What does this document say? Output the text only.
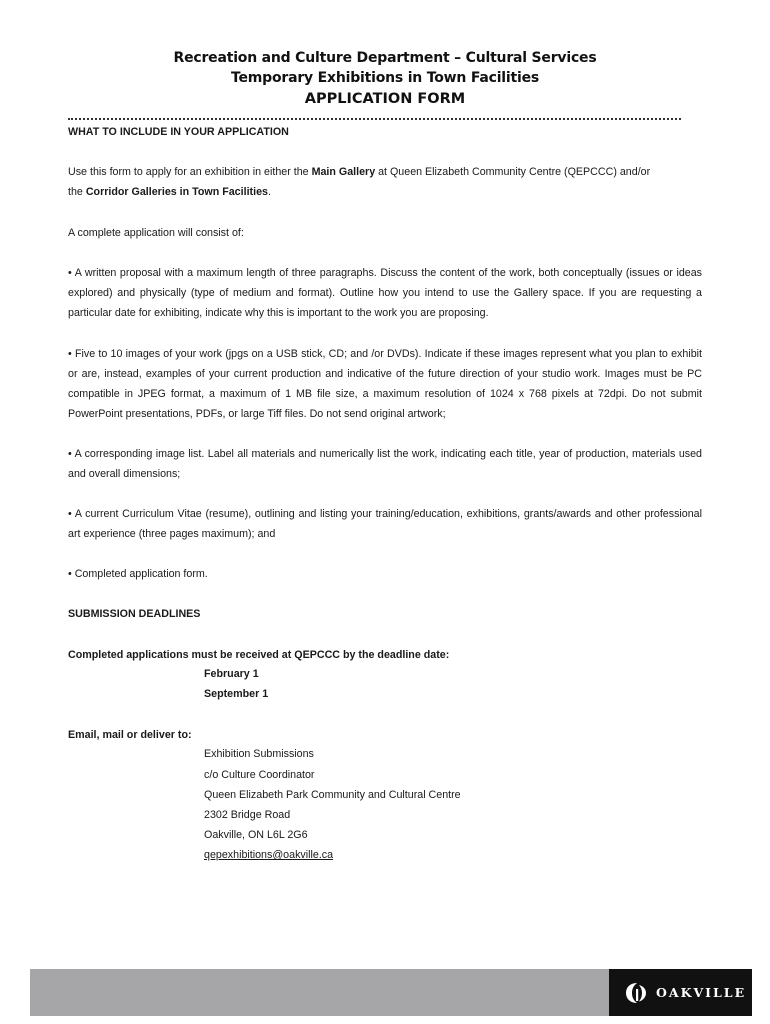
Recreation and Culture Department – Cultural Services
Temporary Exhibitions in Town Facilities
APPLICATION FORM
WHAT TO INCLUDE IN YOUR APPLICATION
Use this form to apply for an exhibition in either the Main Gallery at Queen Elizabeth Community Centre (QEPCCC) and/or
the Corridor Galleries in Town Facilities.
A complete application will consist of:
• A written proposal with a maximum length of three paragraphs. Discuss the content of the work, both conceptually (issues or ideas explored) and physically (type of medium and format). Outline how you intend to use the Gallery space. If you are requesting a particular date for exhibiting, indicate why this is important to the work you are proposing.
• Five to 10 images of your work (jpgs on a USB stick, CD; and /or DVDs). Indicate if these images represent what you plan to exhibit or are, instead, examples of your current production and indicative of the future direction of your studio work. Images must be PC compatible in JPEG format, a maximum of 1 MB file size, a maximum resolution of 1024 x 768 pixels at 72dpi. Do not submit PowerPoint presentations, PDFs, or large Tiff files. Do not send original artwork;
• A corresponding image list. Label all materials and numerically list the work, indicating each title, year of production, materials used and overall dimensions;
• A current Curriculum Vitae (resume), outlining and listing your training/education, exhibitions, grants/awards and other professional art experience (three pages maximum); and
• Completed application form.
SUBMISSION DEADLINES
Completed applications must be received at QEPCCC by the deadline date:
February 1
September 1
Email, mail or deliver to:
Exhibition Submissions
c/o Culture Coordinator
Queen Elizabeth Park Community and Cultural Centre
2302 Bridge Road
Oakville, ON L6L 2G6
qepexhibitions@oakville.ca
OAKVILLE
